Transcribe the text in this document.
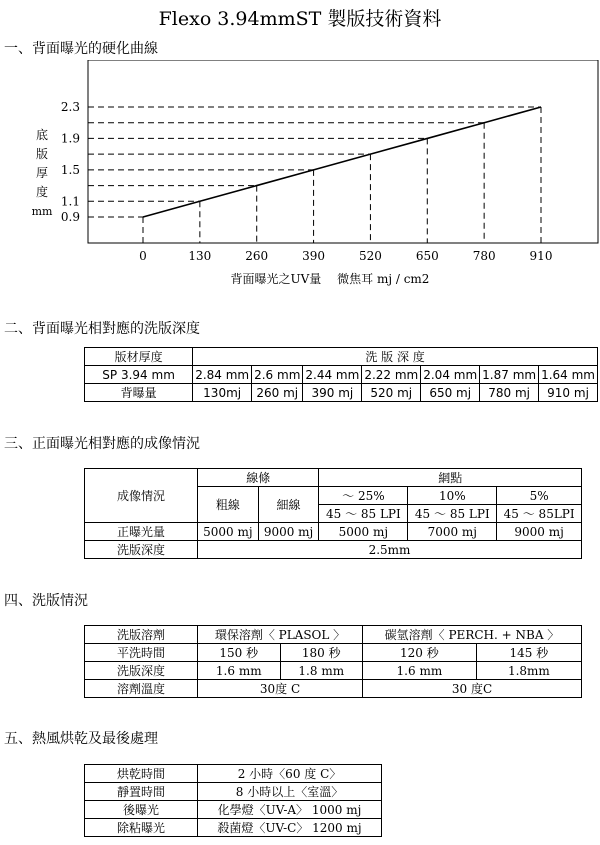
Flexo 3.94mmST 製版技術資料
一、背面曝光的硬化曲線
底
版
厚
度
mm 0.9
1.1
1.5
1.9
2.3
0	130	260	390	520	650	780	910
背面曝光之UV量　 微焦耳 mj / cm2
二、背面曝光相對應的洗版深度
版材厚度	洗 版 深 度						
SP 3.94 mm	2.84 mm	2.6 mm	2.44 mm	2.22 mm	2.04 mm	1.87 mm	1.64 mm
背曝量	130mj	260 mj	390 mj	520 mj	650 mj	780 mj	910 mj
三、正面曝光相對應的成像情況
成像情況	線條		網點		
	粗線	細線	～ 25%	10%	5%
			45 ～ 85 LPI	45 ～ 85 LPI	45 ～ 85LPI
正曝光量	5000 mj	9000 mj	5000 mj	7000 mj	9000 mj
洗版深度	2.5mm				
四、洗版情況
洗版溶劑	環保溶劑〈 PLASOL 〉		碳氫溶劑〈 PERCH. + NBA 〉	
平洗時間	150 秒	180 秒	120 秒	145 秒
洗版深度	1.6 mm	1.8 mm	1.6 mm	1.8mm
溶劑溫度	30度 C		30 度C	
五、熱風烘乾及最後處理
烘乾時間	2 小時〈60 度 C〉
靜置時間	8 小時以上〈室溫〉
後曝光	化學燈〈UV-A〉 1000 mj
除粘曝光	殺菌燈〈UV-C〉 1200 mj
